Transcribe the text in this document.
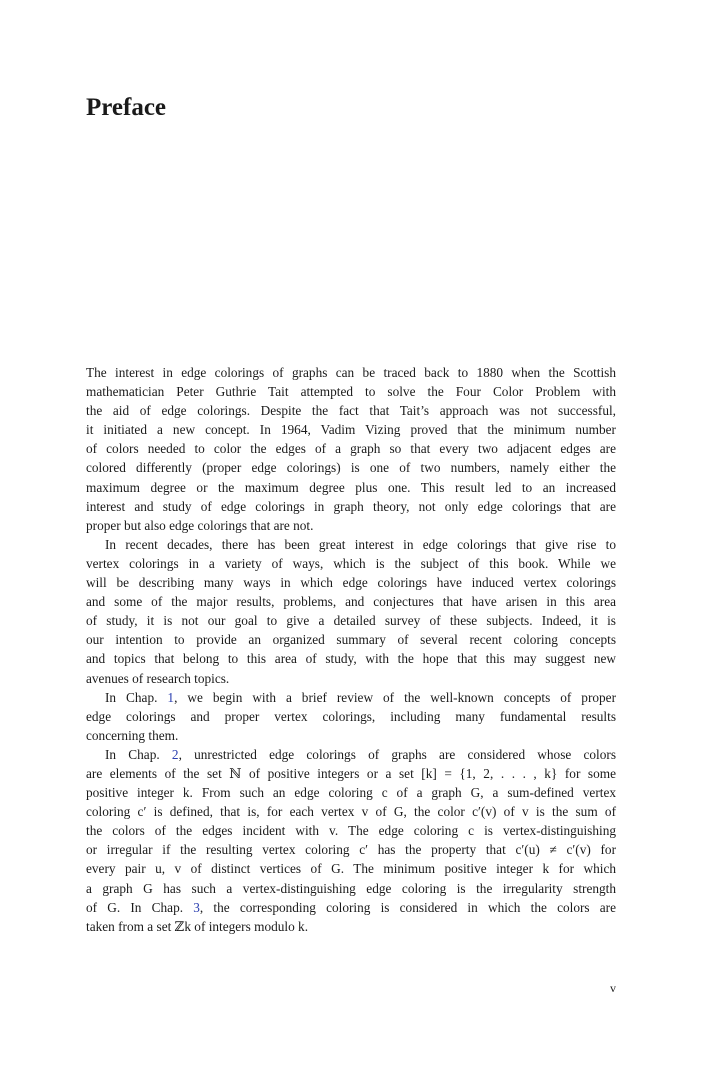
Preface
The interest in edge colorings of graphs can be traced back to 1880 when the Scottish
mathematician Peter Guthrie Tait attempted to solve the Four Color Problem with
the aid of edge colorings. Despite the fact that Tait’s approach was not successful,
it initiated a new concept. In 1964, Vadim Vizing proved that the minimum number
of colors needed to color the edges of a graph so that every two adjacent edges are
colored differently (proper edge colorings) is one of two numbers, namely either the
maximum degree or the maximum degree plus one. This result led to an increased
interest and study of edge colorings in graph theory, not only edge colorings that are
proper but also edge colorings that are not.
In recent decades, there has been great interest in edge colorings that give rise to
vertex colorings in a variety of ways, which is the subject of this book. While we
will be describing many ways in which edge colorings have induced vertex colorings
and some of the major results, problems, and conjectures that have arisen in this area
of study, it is not our goal to give a detailed survey of these subjects. Indeed, it is
our intention to provide an organized summary of several recent coloring concepts
and topics that belong to this area of study, with the hope that this may suggest new
avenues of research topics.
In Chap. 1, we begin with a brief review of the well-known concepts of proper
edge colorings and proper vertex colorings, including many fundamental results
concerning them.
In Chap. 2, unrestricted edge colorings of graphs are considered whose colors
are elements of the set ℕ of positive integers or a set [k] = {1, 2, . . . , k} for some
positive integer k. From such an edge coloring c of a graph G, a sum-defined vertex
coloring c′ is defined, that is, for each vertex v of G, the color c′(v) of v is the sum of
the colors of the edges incident with v. The edge coloring c is vertex-distinguishing
or irregular if the resulting vertex coloring c′ has the property that c′(u) ≠ c′(v) for
every pair u, v of distinct vertices of G. The minimum positive integer k for which
a graph G has such a vertex-distinguishing edge coloring is the irregularity strength
of G. In Chap. 3, the corresponding coloring is considered in which the colors are
taken from a set ℤk of integers modulo k.
v
